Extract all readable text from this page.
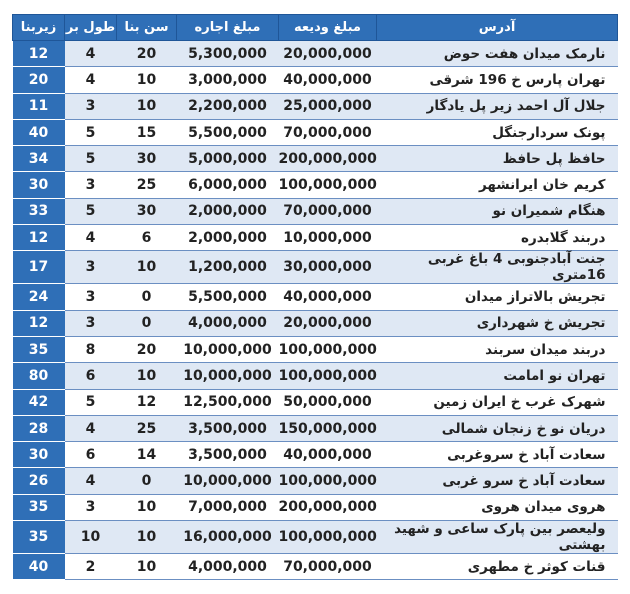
زیربنا	طول بر	سن بنا	مبلغ اجاره	مبلغ ودیعه	آدرس
12	4	20	5,300,000	20,000,000	نارمک میدان هفت حوض
20	4	10	3,000,000	40,000,000	تهران پارس خ 196 شرقی
11	3	10	2,200,000	25,000,000	جلال آل احمد زیر پل یادگار
40	5	15	5,500,000	70,000,000	پونک سردارجنگل
34	5	30	5,000,000	200,000,000	حافظ پل حافظ
30	3	25	6,000,000	100,000,000	کریم خان ایرانشهر
33	5	30	2,000,000	70,000,000	هنگام شمیران نو
12	4	6	2,000,000	10,000,000	دربند گلابدره
17	3	10	1,200,000	30,000,000	جنت آبادجنوبی 4 باغ غربی 16متری
24	3	0	5,500,000	40,000,000	تجریش بالاتراز میدان
12	3	0	4,000,000	20,000,000	تجریش خ شهرداری
35	8	20	10,000,000	100,000,000	دربند میدان سربند
80	6	10	10,000,000	100,000,000	تهران نو امامت
42	5	12	12,500,000	50,000,000	شهرک غرب خ ایران زمین
28	4	25	3,500,000	150,000,000	دریان نو خ زنجان شمالی
30	6	14	3,500,000	40,000,000	سعادت آباد خ سروغربی
26	4	0	10,000,000	100,000,000	سعادت آباد خ سرو غربی
35	3	10	7,000,000	200,000,000	هروی میدان هروی
35	10	10	16,000,000	100,000,000	ولیعصر بین پارک ساعی و شهید بهشتی
40	2	10	4,000,000	70,000,000	قنات کوثر خ مطهری
